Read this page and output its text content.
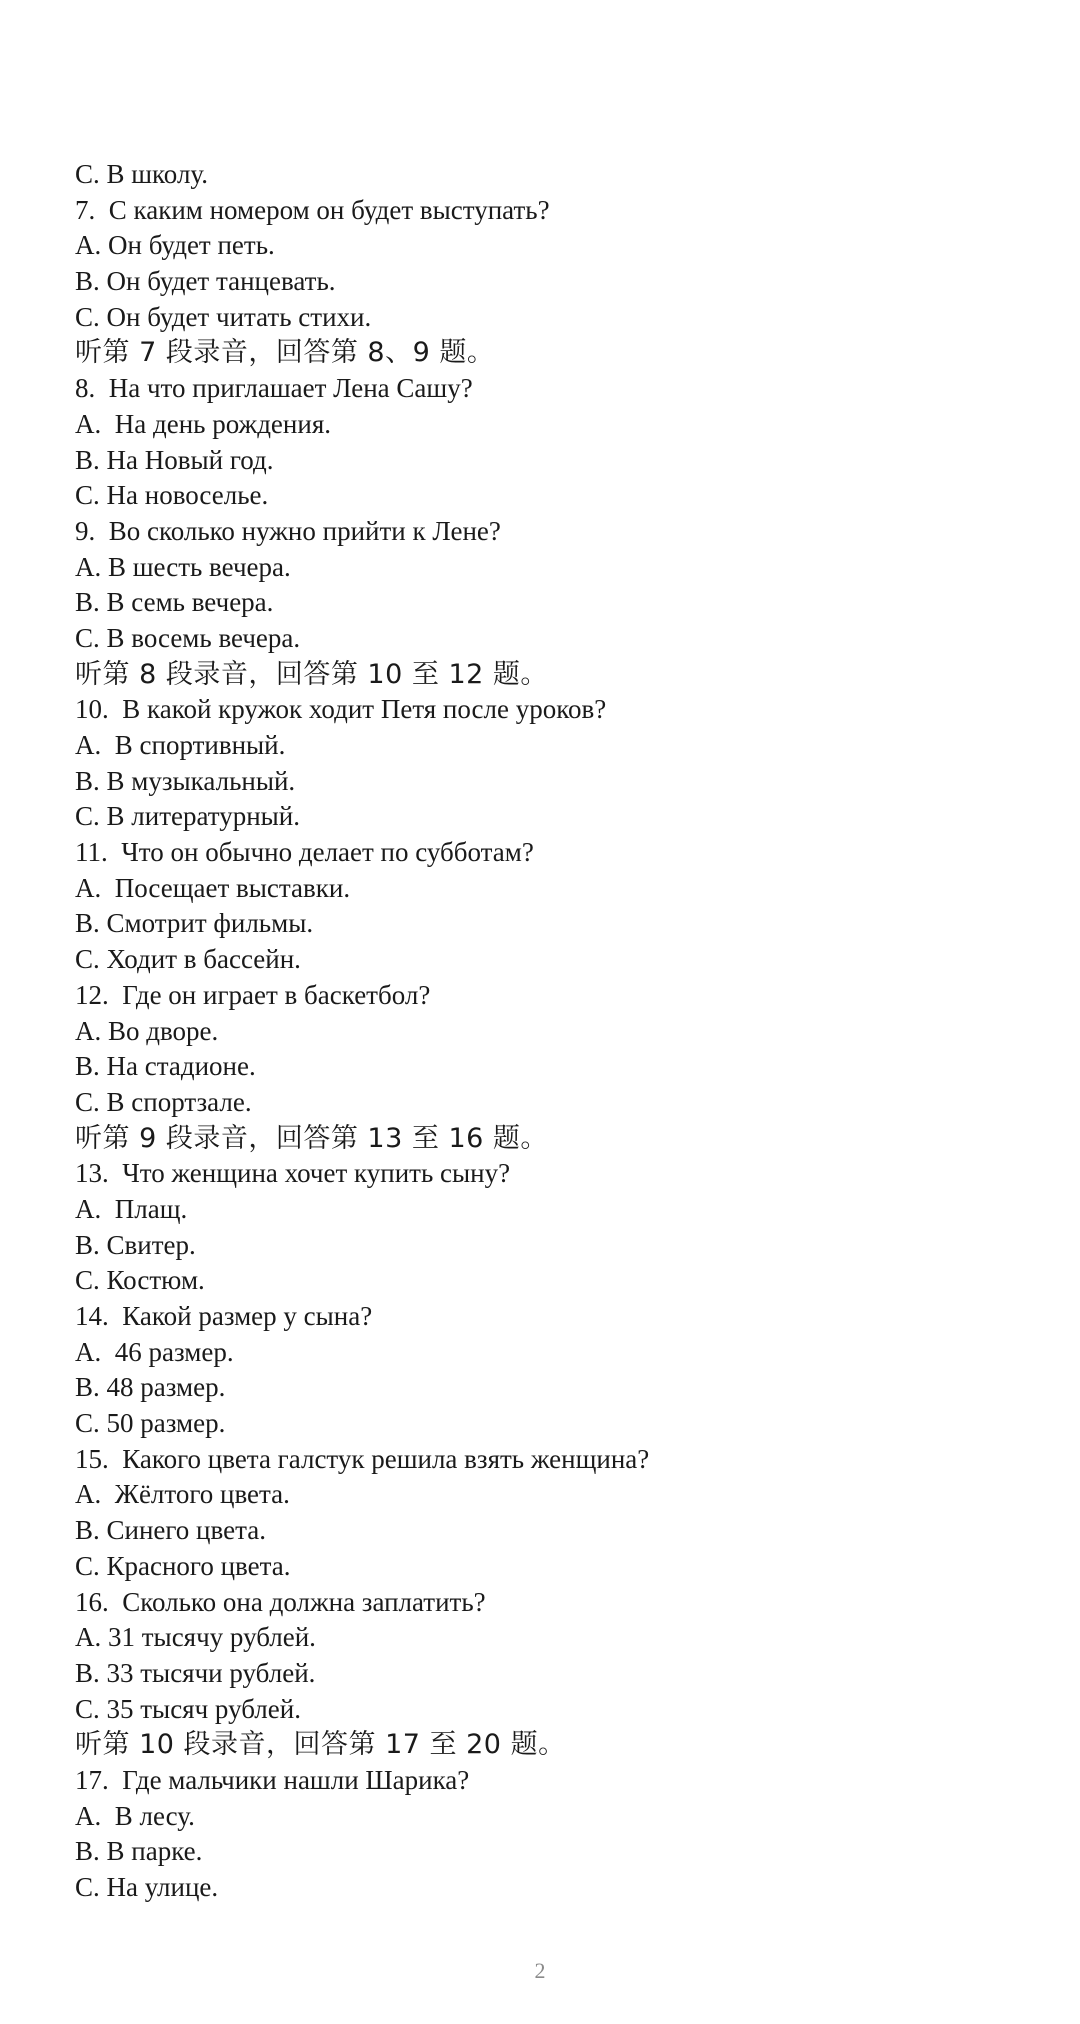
C. В школу.
7.  С каким номером он будет выступать?
A. Он будет петь.
B. Он будет танцевать.
C. Он будет читать стихи.
听第 7 段录音，回答第 8、9 题。
8.  На что приглашает Лена Сашу?
A.  На день рождения.
B. На Новый год.
C. На новоселье.
9.  Во сколько нужно прийти к Лене?
A. В шесть вечера.
B. В семь вечера.
C. В восемь вечера.
听第 8 段录音，回答第 10 至 12 题。
10.  В какой кружок ходит Петя после уроков?
A.  В спортивный.
B. В музыкальный.
C. В литературный.
11.  Что он обычно делает по субботам?
A.  Посещает выставки.
B. Смотрит фильмы.
C. Ходит в бассейн.
12.  Где он играет в баскетбол?
A. Во дворе.
B. На стадионе.
C. В спортзале.
听第 9 段录音，回答第 13 至 16 题。
13.  Что женщина хочет купить сыну?
A.  Плащ.
B. Свитер.
C. Костюм.
14.  Какой размер у сына?
A.  46 размер.
B. 48 размер.
C. 50 размер.
15.  Какого цвета галстук решила взять женщина?
A.  Жёлтого цвета.
B. Синего цвета.
C. Красного цвета.
16.  Сколько она должна заплатить?
A. 31 тысячу рублей.
B. 33 тысячи рублей.
C. 35 тысяч рублей.
听第 10 段录音，回答第 17 至 20 题。
17.  Где мальчики нашли Шарика?
A.  В лесу.
B. В парке.
C. На улице.
2
